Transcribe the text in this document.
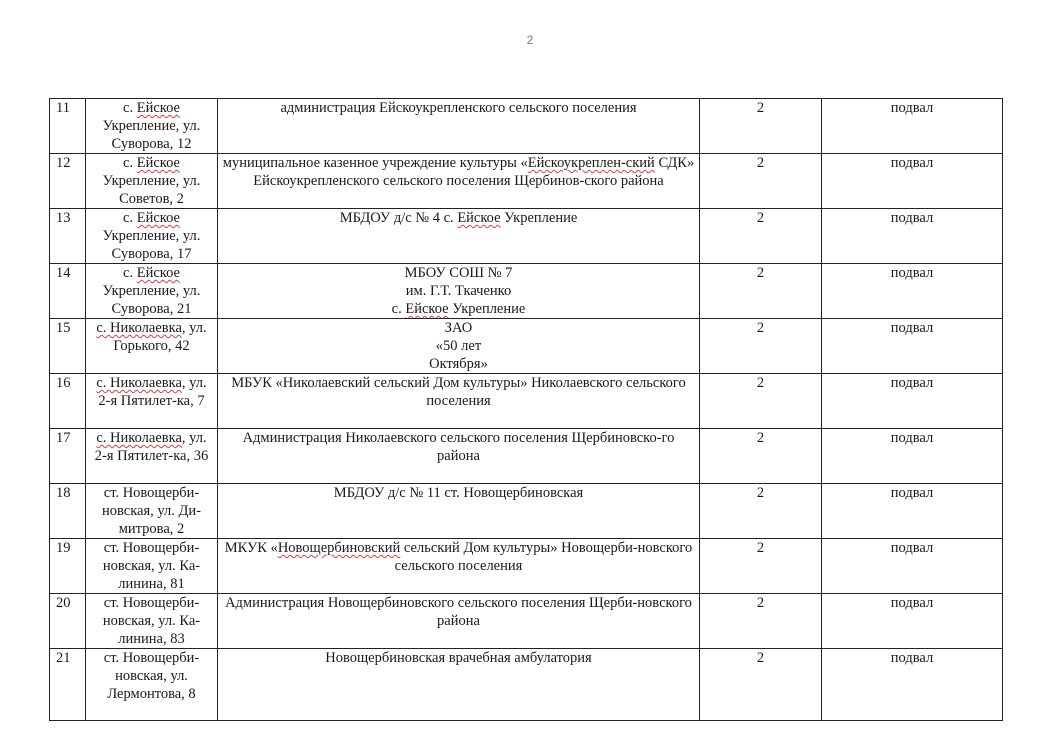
2
11	с. Ейское Укрепление, ул. Суворова, 12	администрация Ейскоукрепленского сельского поселения	2	подвал
12	с. Ейское Укрепление, ул. Советов, 2	муниципальное казенное учреждение культуры «Ейскоукреплен-ский СДК» Ейскоукрепленского сельского поселения Щербинов-ского района	2	подвал
13	с. Ейское Укрепление, ул. Суворова, 17	МБДОУ д/с № 4 с. Ейское Укрепление	2	подвал
14	с. Ейское Укрепление, ул. Суворова, 21	МБОУ СОШ № 7
им. Г.Т. Ткаченко
с. Ейское Укрепление	2	подвал
15	с. Николаевка, ул. Горького, 42	ЗАО
«50 лет
Октября»	2	подвал
16	с. Николаевка, ул. 2-я Пятилет-ка, 7	МБУК «Николаевский сельский Дом культуры» Николаевского сельского поселения	2	подвал
17	с. Николаевка, ул. 2-я Пятилет-ка, 36	Администрация Николаевского сельского поселения Щербиновско-го района	2	подвал
18	ст. Новощерби-новская, ул. Ди-митрова, 2	МБДОУ д/с № 11 ст. Новощербиновская	2	подвал
19	ст. Новощерби-новская, ул. Ка-линина, 81	МКУК «Новощербиновский сельский Дом культуры» Новощерби-новского сельского поселения	2	подвал
20	ст. Новощерби-новская, ул. Ка-линина, 83	Администрация Новощербиновского сельского поселения Щерби-новского района	2	подвал
21	ст. Новощерби-новская, ул. Лермонтова, 8	Новощербиновская врачебная амбулатория	2	подвал
